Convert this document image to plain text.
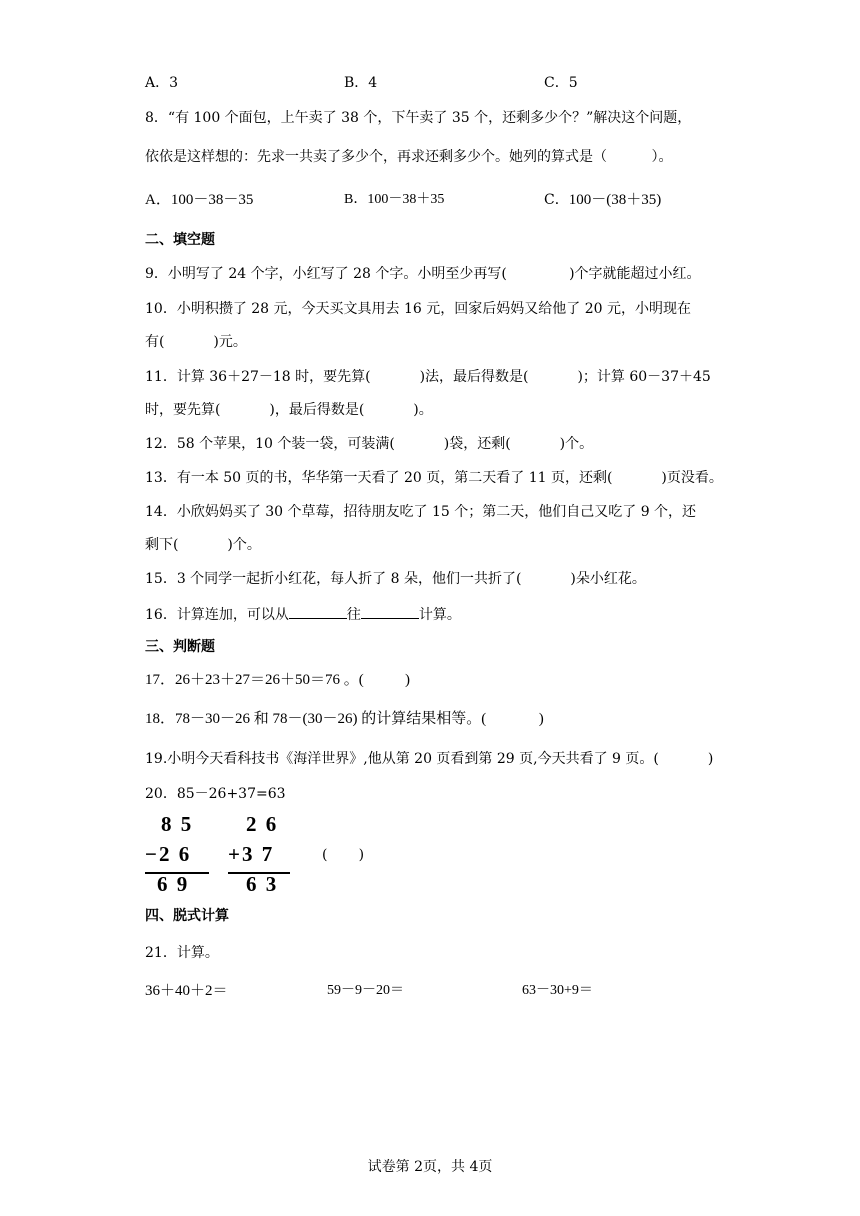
A．3	B．4	C．5
8．“有 100 个面包，上午卖了 38 个，下午卖了 35 个，还剩多少个？”解决这个问题，
依依是这样想的：先求一共卖了多少个，再求还剩多少个。她列的算式是（          ）。
A．100－38－35	B．100－38＋35	C．100－(38＋35)
二、填空题
9．小明写了 24 个字，小红写了 28 个字。小明至少再写(              )个字就能超过小红。
10．小明积攒了 28 元，今天买文具用去 16 元，回家后妈妈又给他了 20 元，小明现在
有(           )元。
11．计算 36＋27－18 时，要先算(           )法，最后得数是(           )；计算 60－37＋45
时，要先算(           )，最后得数是(           )。
12．58 个苹果，10 个装一袋，可装满(           )袋，还剩(           )个。
13．有一本 50 页的书，华华第一天看了 20 页，第二天看了 11 页，还剩(           )页没看。
14．小欣妈妈买了 30 个草莓，招待朋友吃了 15 个；第二天，他们自己又吃了 9 个，还
剩下(           )个。
15．3 个同学一起折小红花，每人折了 8 朵，他们一共折了(           )朵小红花。
16．计算连加，可以从	往	计算。
三、判断题
17．26＋23＋27＝26＋50＝76 。(           )
18．78－30－26 和 78－(30－26) 的计算结果相等。(              )
19.小明今天看科技书《海洋世界》,他从第 20 页看到第 29 页,今天共看了 9 页。(           )
20．85－26+37=63
8 5
−2 6
6 9
2 6
+3 7
6 3
(       )
四、脱式计算
21．计算。
36＋40＋2＝	59－9－20＝	63－30+9＝
试卷第 2页，共 4页
